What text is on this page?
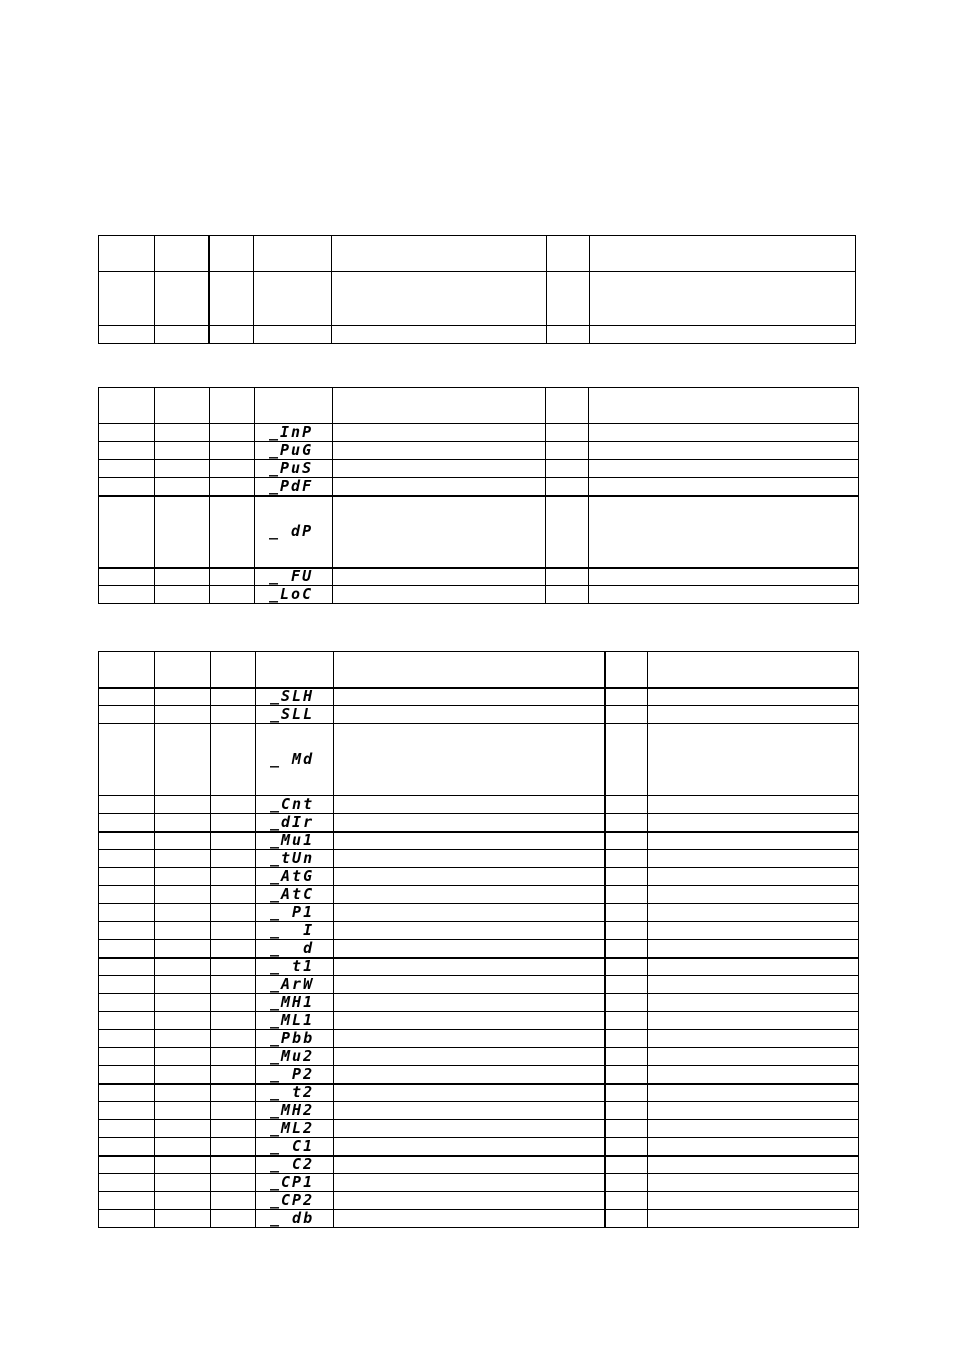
			_InP			
			_PuG			
			_PuS			
			_PdF			
			_ dP			
			_ FU			
			_LoC			

			_SLH			
			_SLL			
			_ Md			
			_Cnt			
			_dIr			
			_Mu1			
			_tUn			
			_AtG			
			_AtC			
			_ P1			
			_  I			
			_  d			
			_ t1			
			_ArW			
			_MH1			
			_ML1			
			_Pbb			
			_Mu2			
			_ P2			
			_ t2			
			_MH2			
			_ML2			
			_ C1			
			_ C2			
			_CP1			
			_CP2			
			_ db			
